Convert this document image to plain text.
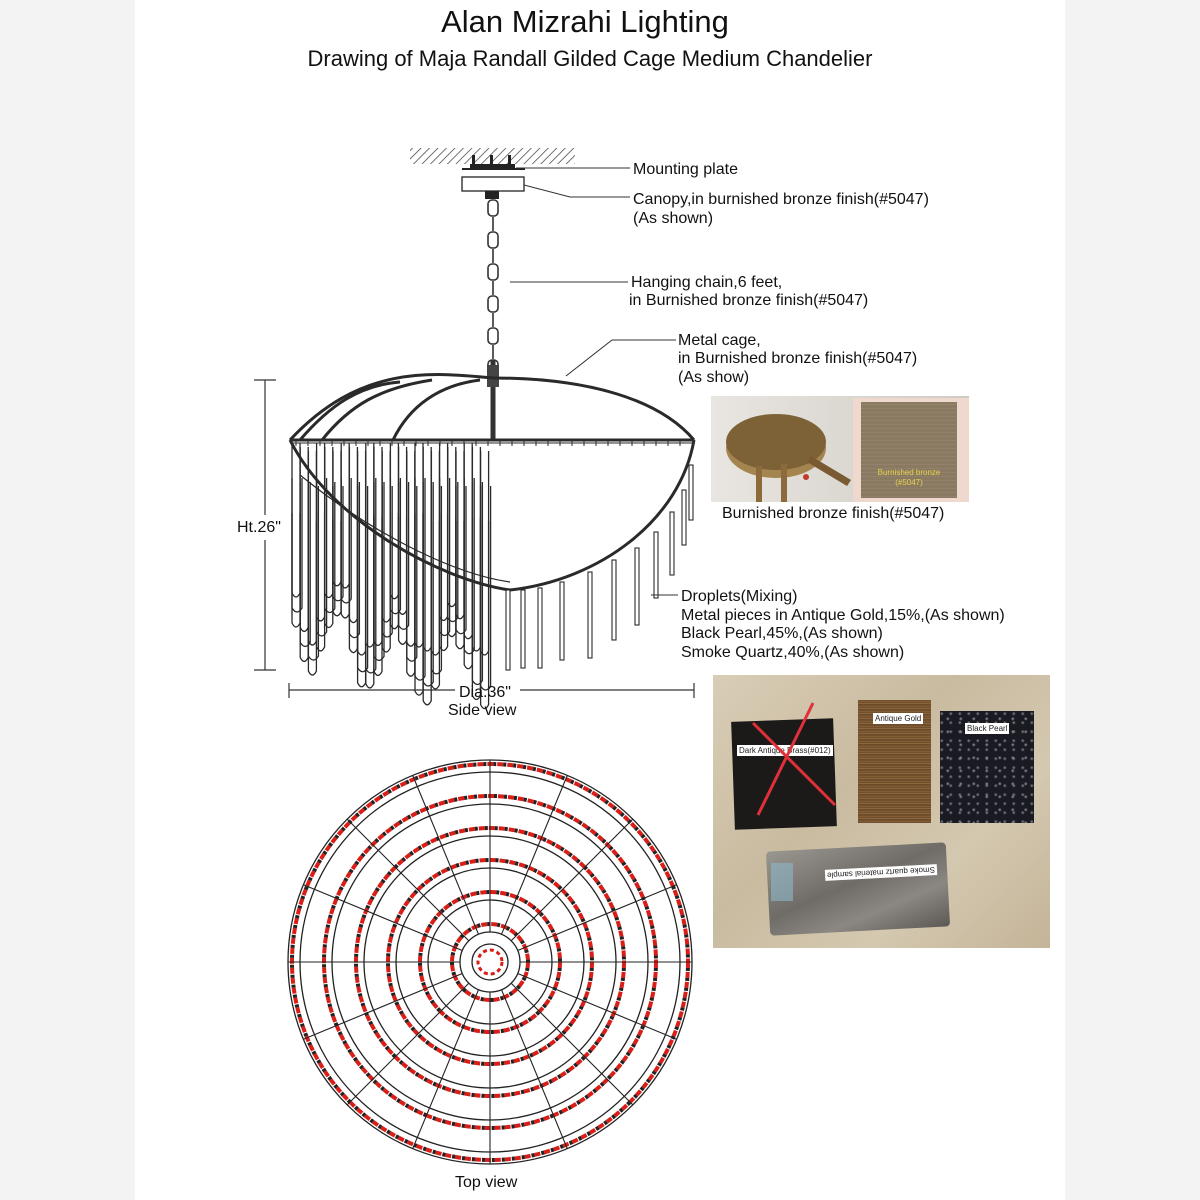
Alan Mizrahi Lighting
Drawing of Maja Randall Gilded Cage Medium Chandelier
Mounting plate
Canopy,in burnished bronze finish(#5047)
(As shown)
Hanging chain,6 feet,
in Burnished bronze finish(#5047)
Metal cage,
in Burnished bronze finish(#5047)
(As show)
Droplets(Mixing)
Metal pieces in Antique Gold,15%,(As shown)
Black Pearl,45%,(As shown)
Smoke Quartz,40%,(As shown)
Ht.26"
Dia.36"
Side view
Top view
Burnished bronze
(#5047)
Burnished bronze finish(#5047)
Dark Antique Brass(#012)
Antique Gold
Black Pearl
Smoke quartz material sample
